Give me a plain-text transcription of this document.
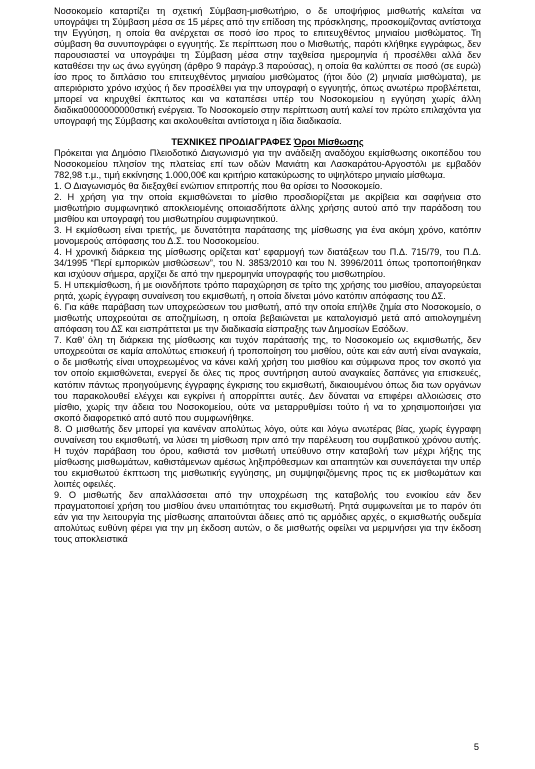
Νοσοκομείο καταρτίζει τη σχετική Σύμβαση-μισθωτήριο, ο δε υποψήφιος μισθωτής καλείται να υπογράψει τη Σύμβαση μέσα σε 15 μέρες από την επίδοση της πρόσκλησης, προσκομίζοντας αντίστοιχα την Εγγύηση, η οποία θα ανέρχεται σε ποσό ίσο προς το επιτευχθέντος μηνιαίου μισθώματος. Τη σύμβαση θα συνυπογράφει ο εγγυητής. Σε περίπτωση που ο Μισθωτής, παρότι κλήθηκε εγγράφως, δεν παρουσιαστεί να υπογράψει τη Σύμβαση μέσα στην ταχθείσα ημερομηνία ή προσέλθει αλλά δεν καταθέσει την ως άνω εγγύηση (άρθρο 9 παράγρ.3 παρούσας), η οποία θα καλύπτει σε ποσό (σε ευρώ) ίσο προς το διπλάσιο του επιτευχθέντος μηνιαίου μισθώματος (ήτοι δύο (2) μηνιαία μισθώματα), με απεριόριστο χρόνο ισχύος ή δεν προσέλθει για την υπογραφή ο εγγυητής, όπως ανωτέρω προβλέπεται, μπορεί να κηρυχθεί έκπτωτος και να καταπέσει υπέρ του Νοσοκομείου η εγγύηση χωρίς άλλη διαδικα0000000000στική ενέργεια. Το Νοσοκομείο στην περίπτωση αυτή καλεί τον πρώτο επιλαχόντα για υπογραφή της Σύμβασης και ακολουθείται αντίστοιχα η ίδια διαδικασία.

ΤΕΧΝΙΚΕΣ ΠΡΟΔΙΑΓΡΑΦΕΣ Όροι Μίσθωσης

Πρόκειται για Δημόσιο Πλειοδοτικό Διαγωνισμό για την ανάδειξη αναδόχου εκμίσθωσης οικοπέδου του Νοσοκομείου πλησίον της πλατείας επί των οδών Μανιάτη και Λασκαράτου-Αργοστόλι με εμβαδόν 782,98 τ.μ., τιμή εκκίνησης 1.000,00€ και κριτήριο κατακύρωσης το υψηλότερο μηνιαίο μίσθωμα.

1. Ο Διαγωνισμός θα διεξαχθεί ενώπιον επιτροπής που θα ορίσει το Νοσοκομείο.

2. Η χρήση για την οποία εκμισθώνεται το μίσθιο προσδιορίζεται με ακρίβεια και σαφήνεια στο μισθωτήριο συμφωνητικό αποκλειομένης οποιασδήποτε άλλης χρήσης αυτού από την παράδοση του μισθίου και υπογραφή του μισθωτηρίου συμφωνητικού.

3. Η εκμίσθωση είναι τριετής, με δυνατότητα παράτασης της μίσθωσης για ένα ακόμη χρόνο, κατόπιν μονομερούς απόφασης του Δ.Σ. του Νοσοκομείου.

4. Η χρονική διάρκεια της μίσθωσης ορίζεται κατ’ εφαρμογή των διατάξεων του Π.Δ. 715/79, του Π.Δ. 34/1995 “Περί εμπορικών μισθώσεων”, του Ν. 3853/2010 και του Ν. 3996/2011 όπως τροποποιήθηκαν και ισχύουν σήμερα, αρχίζει δε από την ημερομηνία υπογραφής του μισθωτηρίου.

5. Η υπεκμίσθωση, ή με οιονδήποτε τρόπο παραχώρηση σε τρίτο της χρήσης του μισθίου, απαγορεύεται ρητά, χωρίς έγγραφη συναίνεση του εκμισθωτή, η οποία δίνεται μόνο κατόπιν απόφασης του ΔΣ.

6. Για κάθε παράβαση των υποχρεώσεων του μισθωτή, από την οποία επήλθε ζημία στο Νοσοκομείο, ο μισθωτής υποχρεούται σε αποζημίωση, η οποία βεβαιώνεται με καταλογισμό μετά από αιτιολογημένη απόφαση του ΔΣ και εισπράττεται με την διαδικασία είσπραξης των Δημοσίων Εσόδων.

7. Καθ’ όλη τη διάρκεια της μίσθωσης και τυχόν παράτασής της, το Νοσοκομείο ως εκμισθωτής, δεν υποχρεούται σε καμία απολύτως επισκευή ή τροποποίηση του μισθίου, ούτε και εάν αυτή είναι αναγκαία, ο δε μισθωτής είναι υποχρεωμένος να κάνει καλή χρήση του μισθίου και σύμφωνα προς τον σκοπό για τον οποίο εκμισθώνεται, ενεργεί δε όλες τις προς συντήρηση αυτού αναγκαίες δαπάνες για επισκευές, κατόπιν πάντως προηγούμενης έγγραφης έγκρισης του εκμισθωτή, δικαιουμένου όπως δια των οργάνων του παρακολουθεί ελέγχει και εγκρίνει ή απορρίπτει αυτές. Δεν δύναται να επιφέρει αλλοιώσεις στο μίσθιο, χωρίς την άδεια του Νοσοκομείου, ούτε να μεταρρυθμίσει τούτο ή να το χρησιμοποιήσει για σκοπό διαφορετικό από αυτό που συμφωνήθηκε.

8. Ο μισθωτής δεν μπορεί για κανέναν απολύτως λόγο, ούτε και λόγω ανωτέρας βίας, χωρίς έγγραφη συναίνεση του εκμισθωτή, να λύσει τη μίσθωση πριν από την παρέλευση του συμβατικού χρόνου αυτής. Η τυχόν παράβαση του όρου, καθιστά τον μισθωτή υπεύθυνο στην καταβολή των μέχρι λήξης της μίσθωσης μισθωμάτων, καθιστάμενων αμέσως ληξιπρόθεσμων και απαιτητών και συνεπάγεται την υπέρ του εκμισθωτού έκπτωση της μισθωτικής εγγύησης, μη συμψηφιζόμενης προς τις εκ μισθωμάτων και λοιπές οφειλές.

9. Ο μισθωτής δεν απαλλάσσεται από την υποχρέωση της καταβολής του ενοικίου εάν δεν πραγματοποιεί χρήση του μισθίου άνευ υπαιτιότητας του εκμισθωτή. Ρητά συμφωνείται με το παρόν ότι εάν για την λειτουργία της μίσθωσης απαιτούνται άδειες από τις αρμόδιες αρχές, ο εκμισθωτής ουδεμία απολύτως ευθύνη φέρει για την μη έκδοση αυτών, ο δε μισθωτής οφείλει να μεριμνήσει για την έκδοση τους αποκλειστικά

5
